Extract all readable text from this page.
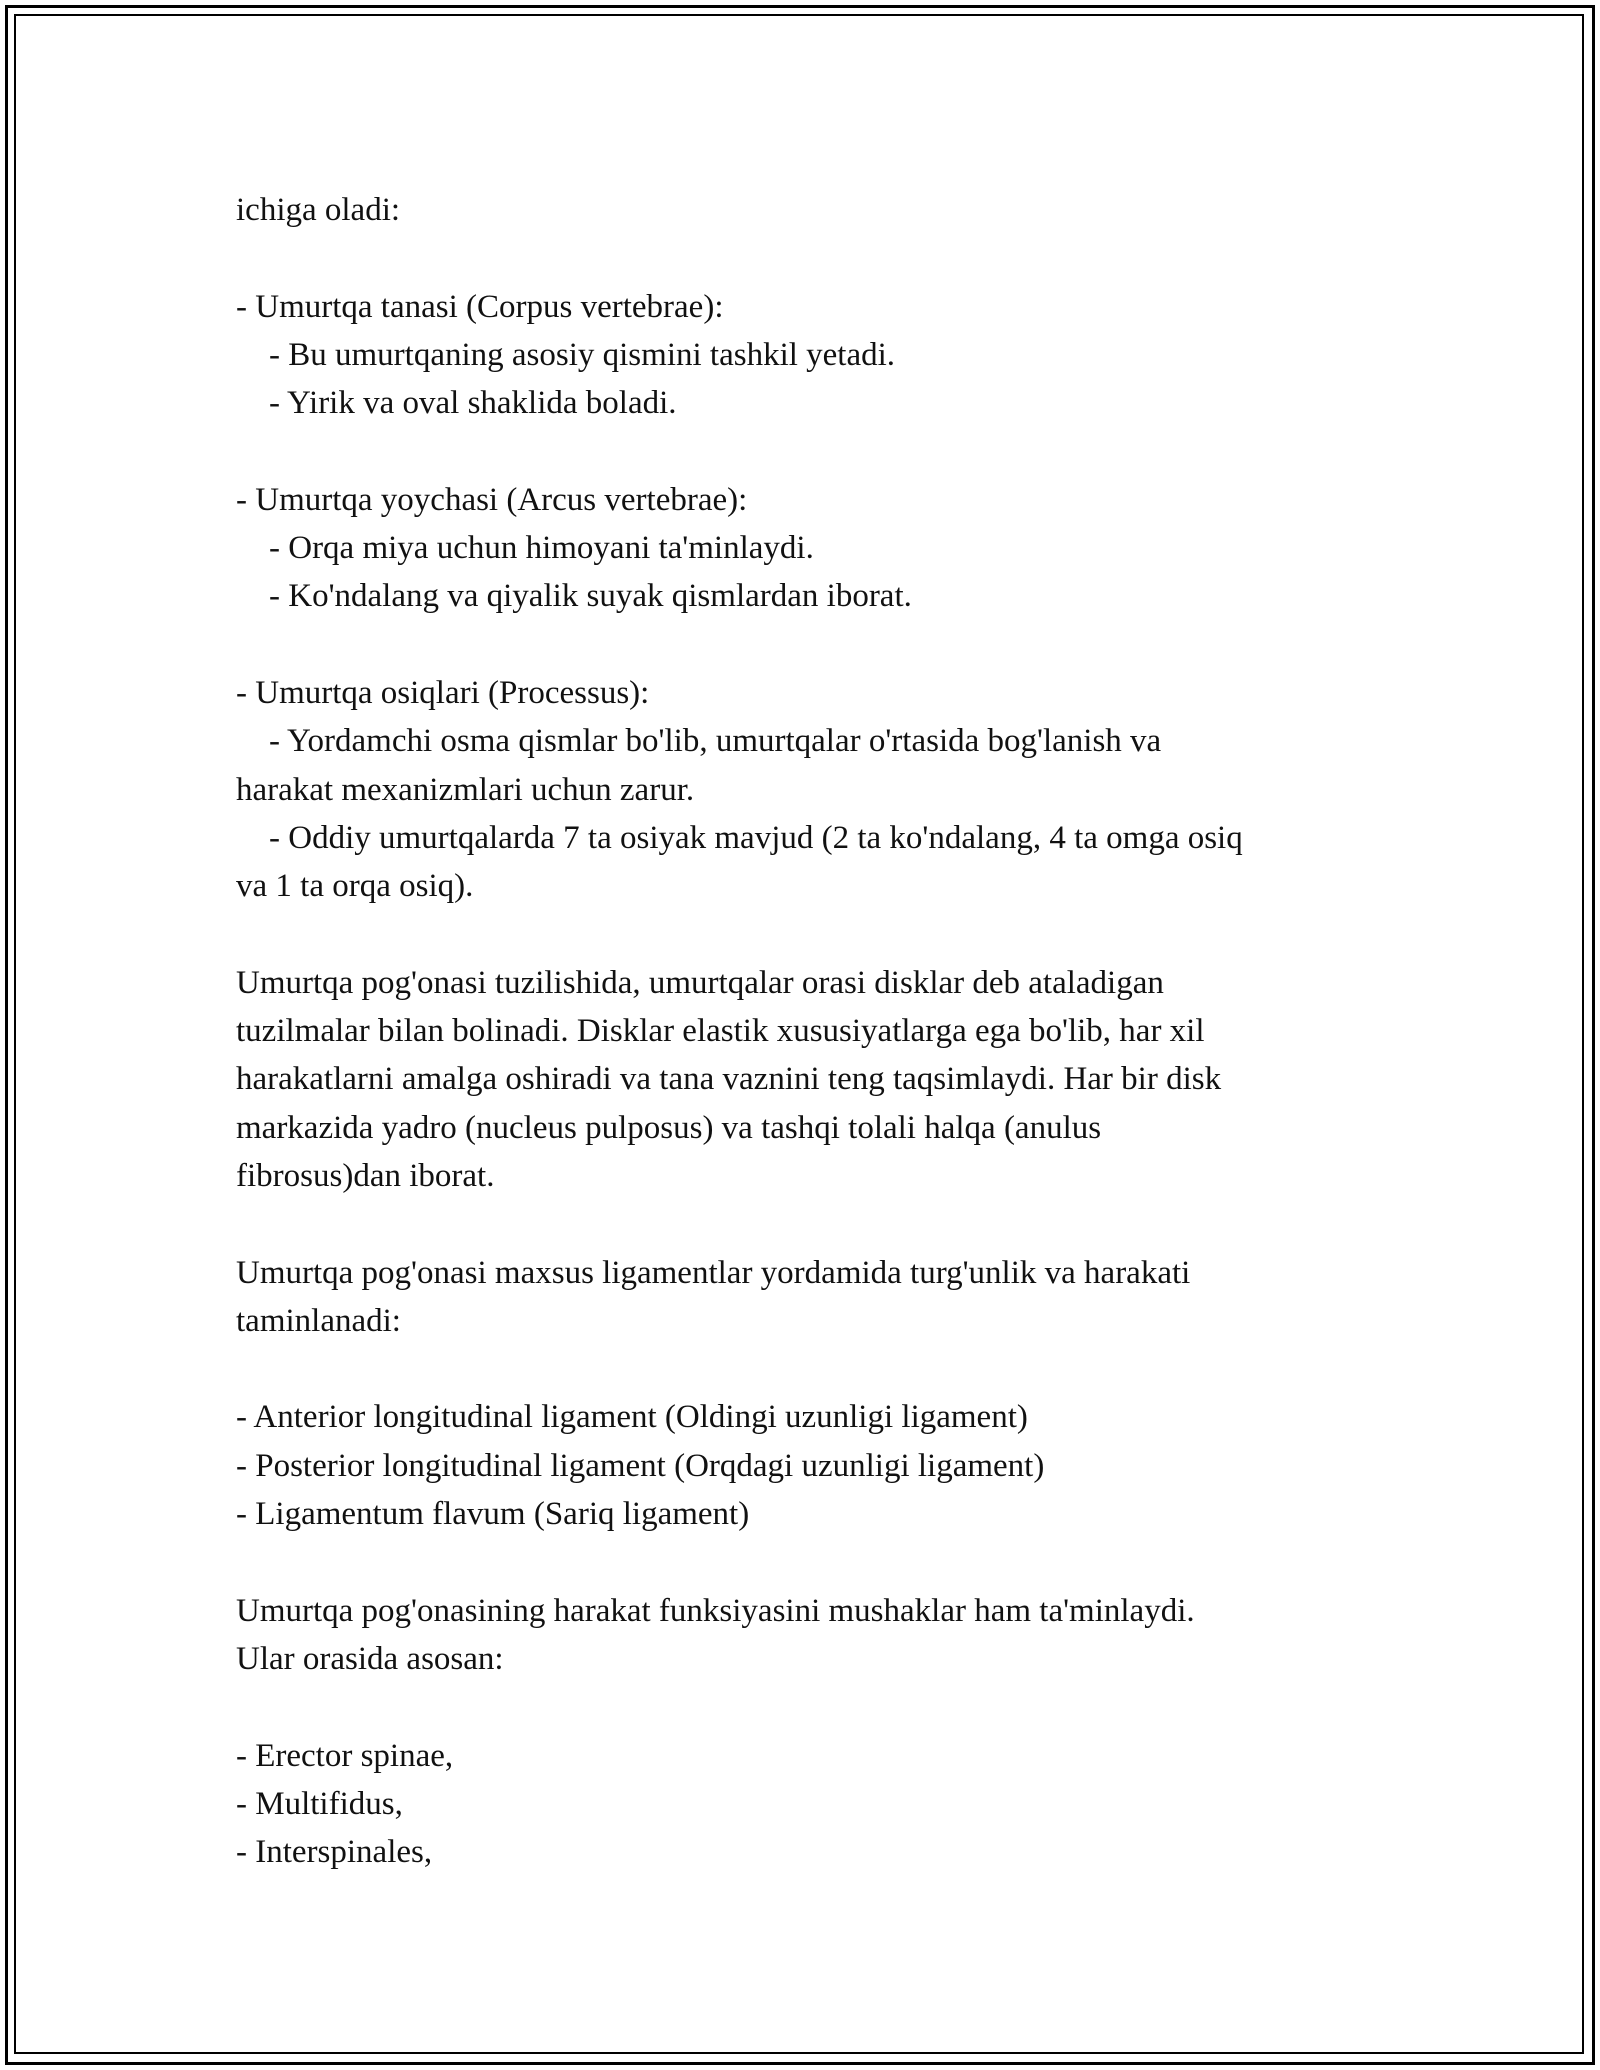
ichiga oladi:

- Umurtqa tanasi (Corpus vertebrae):

- Bu umurtqaning asosiy qismini tashkil yetadi.

- Yirik va oval shaklida boladi.

- Umurtqa yoychasi (Arcus vertebrae):

- Orqa miya uchun himoyani ta'minlaydi.

- Ko'ndalang va qiyalik suyak qismlardan iborat.

- Umurtqa osiqlari (Processus):

- Yordamchi osma qismlar bo'lib, umurtqalar o'rtasida bog'lanish va

harakat mexanizmlari uchun zarur.

- Oddiy umurtqalarda 7 ta osiyak mavjud (2 ta ko'ndalang, 4 ta omga osiq

va 1 ta orqa osiq).

Umurtqa pog'onasi tuzilishida, umurtqalar orasi disklar deb ataladigan

tuzilmalar bilan bolinadi. Disklar elastik xususiyatlarga ega bo'lib, har xil

harakatlarni amalga oshiradi va tana vaznini teng taqsimlaydi. Har bir disk

markazida yadro (nucleus pulposus) va tashqi tolali halqa (anulus

fibrosus)dan iborat.

Umurtqa pog'onasi maxsus ligamentlar yordamida turg'unlik va harakati

taminlanadi:

- Anterior longitudinal ligament (Oldingi uzunligi ligament)

- Posterior longitudinal ligament (Orqdagi uzunligi ligament)

- Ligamentum flavum (Sariq ligament)

Umurtqa pog'onasining harakat funksiyasini mushaklar ham ta'minlaydi.

Ular orasida asosan:

- Erector spinae,

- Multifidus,

- Interspinales,
